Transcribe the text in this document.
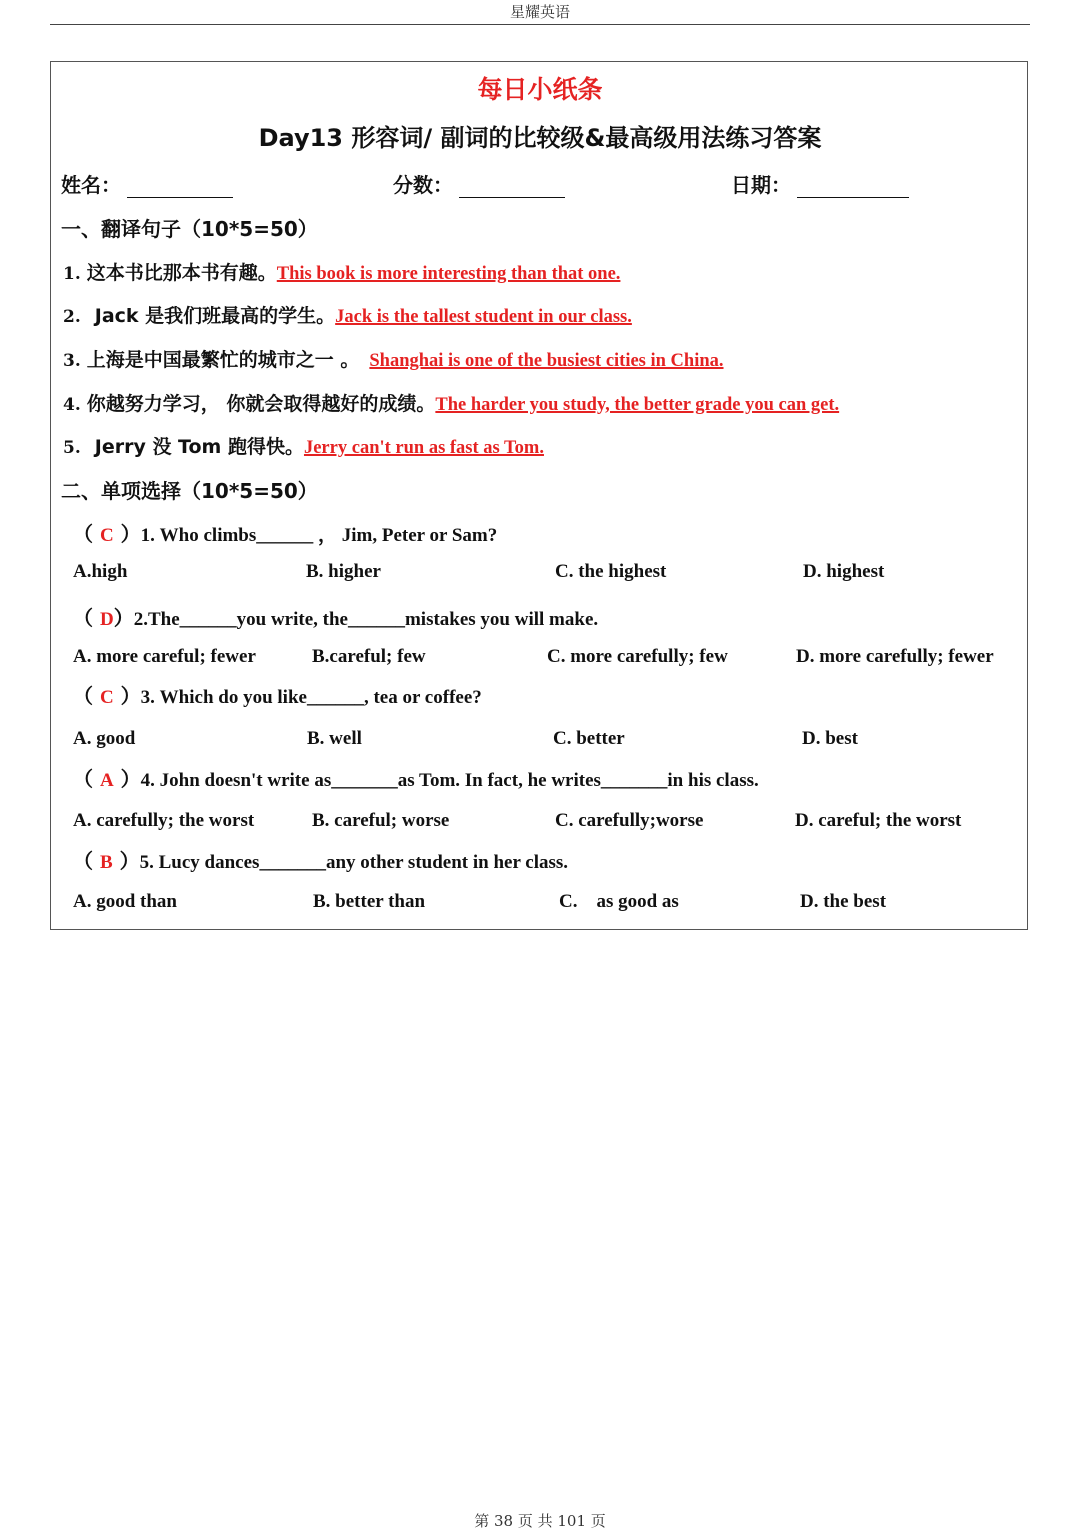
星耀英语
每日小纸条
Day13 形容词/ 副词的比较级&最高级用法练习答案
姓名：	分数：	日期：
一、翻译句子（10*5=50）
1. 这本书比那本书有趣。This book is more interesting than that one.
2. Jack 是我们班最高的学生。Jack is the tallest student in our class.
3. 上海是中国最繁忙的城市之一 。 Shanghai is one of the busiest cities in China.
4. 你越努力学习， 你就会取得越好的成绩。The harder you study, the better grade you can get.
5. Jerry 没 Tom 跑得快。Jerry can't run as fast as Tom.
二、单项选择（10*5=50）
（ C ）1. Who climbs______ ， Jim, Peter or Sam?
A.high	B. higher	C. the highest	D. highest
（ D）2.The______you write, the______mistakes you will make.
A. more careful; fewer	B.careful; few	C. more carefully; few	D. more carefully; fewer
（ C ）3. Which do you like______, tea or coffee?
A. good	B. well	C. better	D. best
（ A ）4. John doesn't write as_______as Tom. In fact, he writes_______in his class.
A. carefully; the worst	B. careful; worse	C. carefully;worse	D. careful; the worst
（ B ）5. Lucy dances_______any other student in her class.
A. good than	B. better than	C.    as good as	D. the best
第 38 页 共 101 页
